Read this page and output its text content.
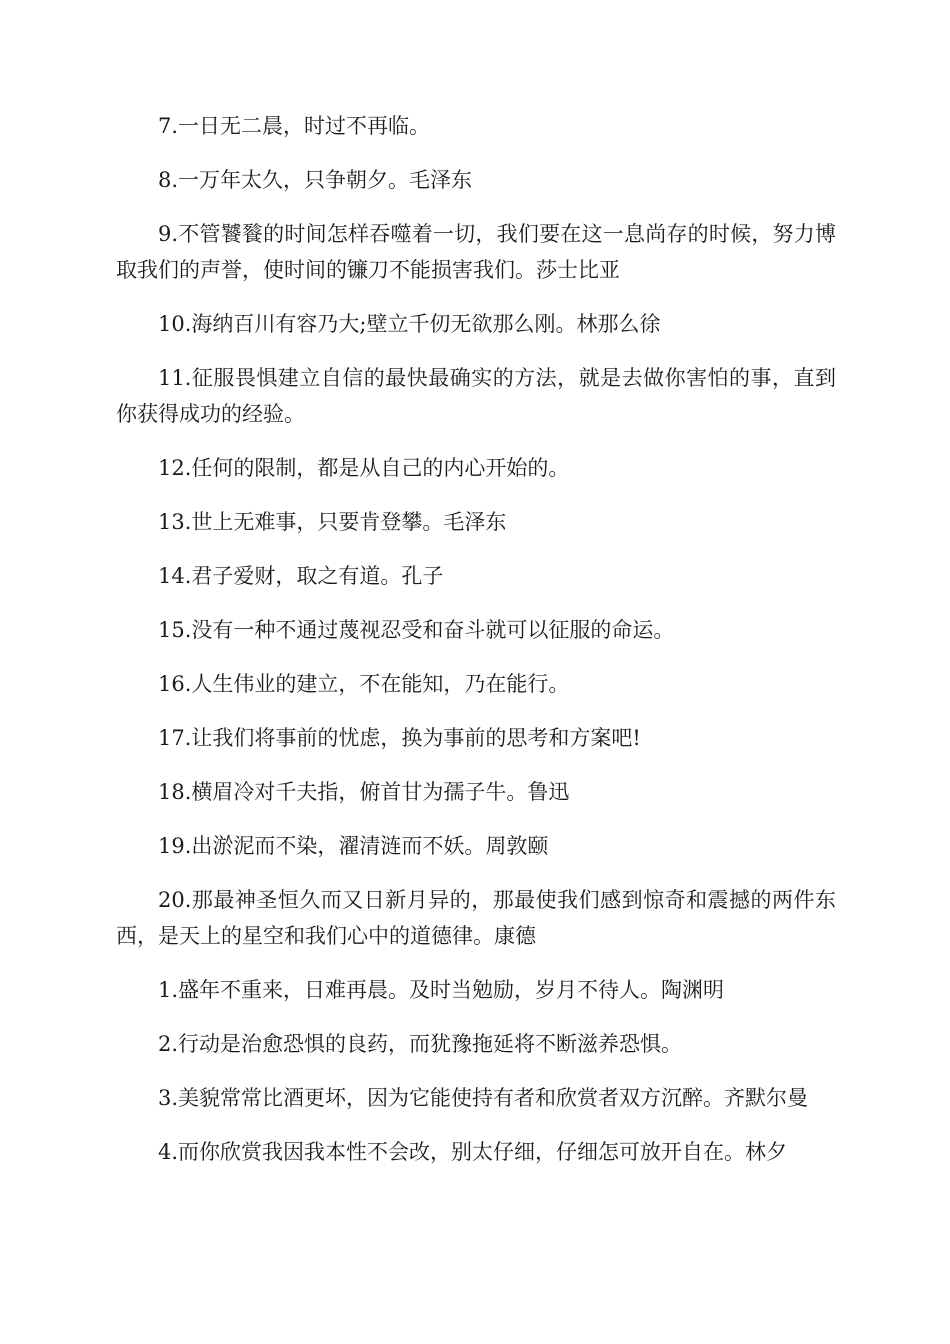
7.一日无二晨，时过不再临。

8.一万年太久，只争朝夕。毛泽东

9.不管饕餮的时间怎样吞噬着一切，我们要在这一息尚存的时候，努力博取我们的声誉，使时间的镰刀不能损害我们。莎士比亚

10.海纳百川有容乃大;壁立千仞无欲那么刚。林那么徐

11.征服畏惧建立自信的最快最确实的方法，就是去做你害怕的事，直到你获得成功的经验。

12.任何的限制，都是从自己的内心开始的。

13.世上无难事，只要肯登攀。毛泽东

14.君子爱财，取之有道。孔子

15.没有一种不通过蔑视忍受和奋斗就可以征服的命运。

16.人生伟业的建立，不在能知，乃在能行。

17.让我们将事前的忧虑，换为事前的思考和方案吧!

18.横眉冷对千夫指，俯首甘为孺子牛。鲁迅

19.出淤泥而不染，濯清涟而不妖。周敦颐

20.那最神圣恒久而又日新月异的，那最使我们感到惊奇和震撼的两件东西，是天上的星空和我们心中的道德律。康德

1.盛年不重来，日难再晨。及时当勉励，岁月不待人。陶渊明

2.行动是治愈恐惧的良药，而犹豫拖延将不断滋养恐惧。

3.美貌常常比酒更坏，因为它能使持有者和欣赏者双方沉醉。齐默尔曼

4.而你欣赏我因我本性不会改，别太仔细，仔细怎可放开自在。林夕
